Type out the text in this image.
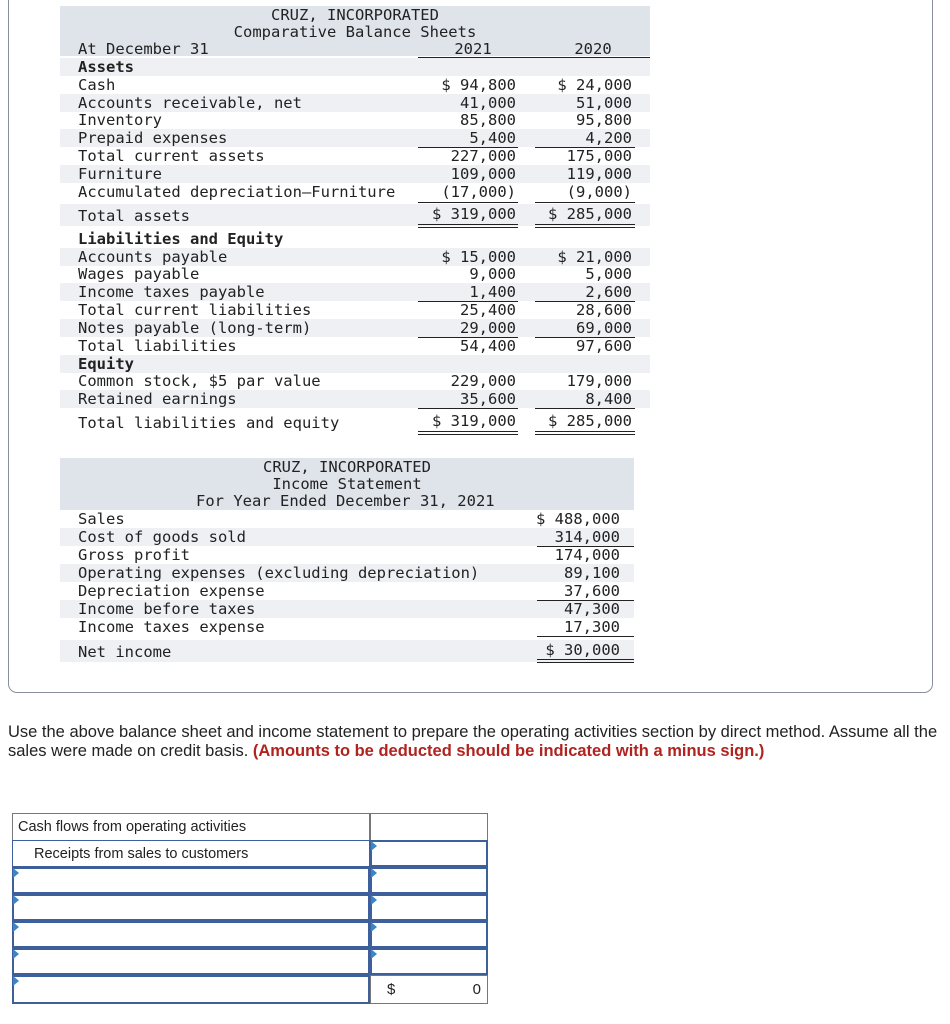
CRUZ, INCORPORATED
Comparative Balance Sheets
At December 31	2021	2020
Assets
Cash	$ 94,800	$ 24,000
Accounts receivable, net	41,000	51,000
Inventory	85,800	95,800
Prepaid expenses	5,400	4,200
Total current assets	227,000	175,000
Furniture	109,000	119,000
Accumulated depreciation—Furniture	(17,000)	(9,000)
Total assets	$ 319,000	$ 285,000
Liabilities and Equity
Accounts payable	$ 15,000	$ 21,000
Wages payable	9,000	5,000
Income taxes payable	1,400	2,600
Total current liabilities	25,400	28,600
Notes payable (long-term)	29,000	69,000
Total liabilities	54,400	97,600
Equity
Common stock, $5 par value	229,000	179,000
Retained earnings	35,600	8,400
Total liabilities and equity	$ 319,000	$ 285,000
CRUZ, INCORPORATED
Income Statement
For Year Ended December 31, 2021
Sales	$ 488,000
Cost of goods sold	314,000
Gross profit	174,000
Operating expenses (excluding depreciation)	89,100
Depreciation expense	37,600
Income before taxes	47,300
Income taxes expense	17,300
Net income	$ 30,000
Use the above balance sheet and income statement to prepare the operating activities section by direct method. Assume all the sales were made on credit basis. (Amounts to be deducted should be indicated with a minus sign.)
Cash flows from operating activities
Receipts from sales to customers
$	0
